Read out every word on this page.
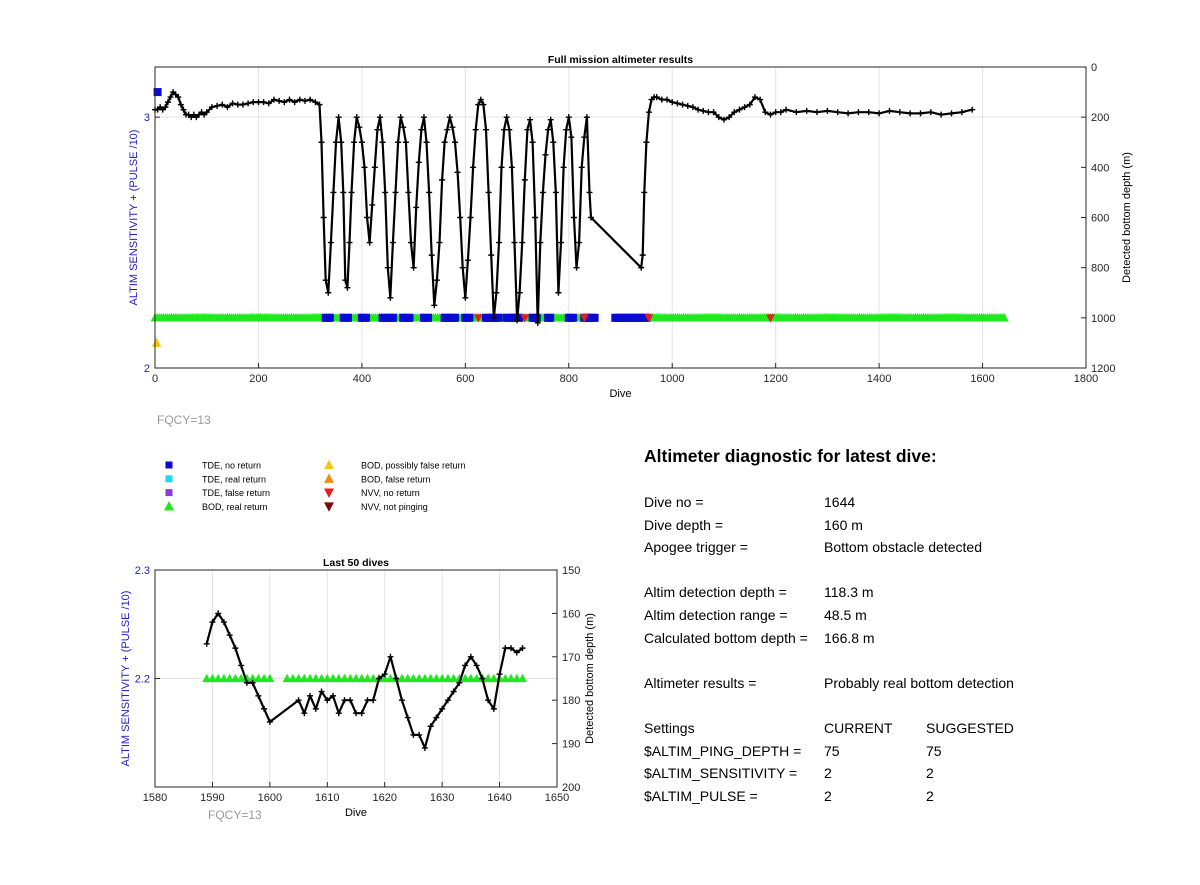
0	200	400	600	800	1000	1200	1400	1600	1800
2
3
0
200
400
600
800
1000
1200
Full mission altimeter results
Dive
ALTIM SENSITIVITY + (PULSE /10)	Detected bottom depth (m)
FQCY=13
TDE, no return
TDE, real return
TDE, false return
BOD, real return
BOD, possibly false return
BOD, false return
NVV, no return
NVV, not pinging
1580	1590	1600	1610	1620	1630	1640	1650
2.2
2.3	150
160
170
180
190
200
Last 50 dives
Dive
ALTIM SENSITIVITY + (PULSE /10)	Detected bottom depth (m)
FQCY=13
Altimeter diagnostic for latest dive:
Dive no =	1644
Dive depth =	160 m
Apogee trigger =	Bottom obstacle detected
Altim detection depth =	118.3 m
Altim detection range =	48.5 m
Calculated bottom depth = 166.8 m
Altimeter results =	Probably real bottom detection
Settings	CURRENT SUGGESTED
$ALTIM_PING_DEPTH = 75	75
$ALTIM_SENSITIVITY = 2	2
$ALTIM_PULSE =	2	2
